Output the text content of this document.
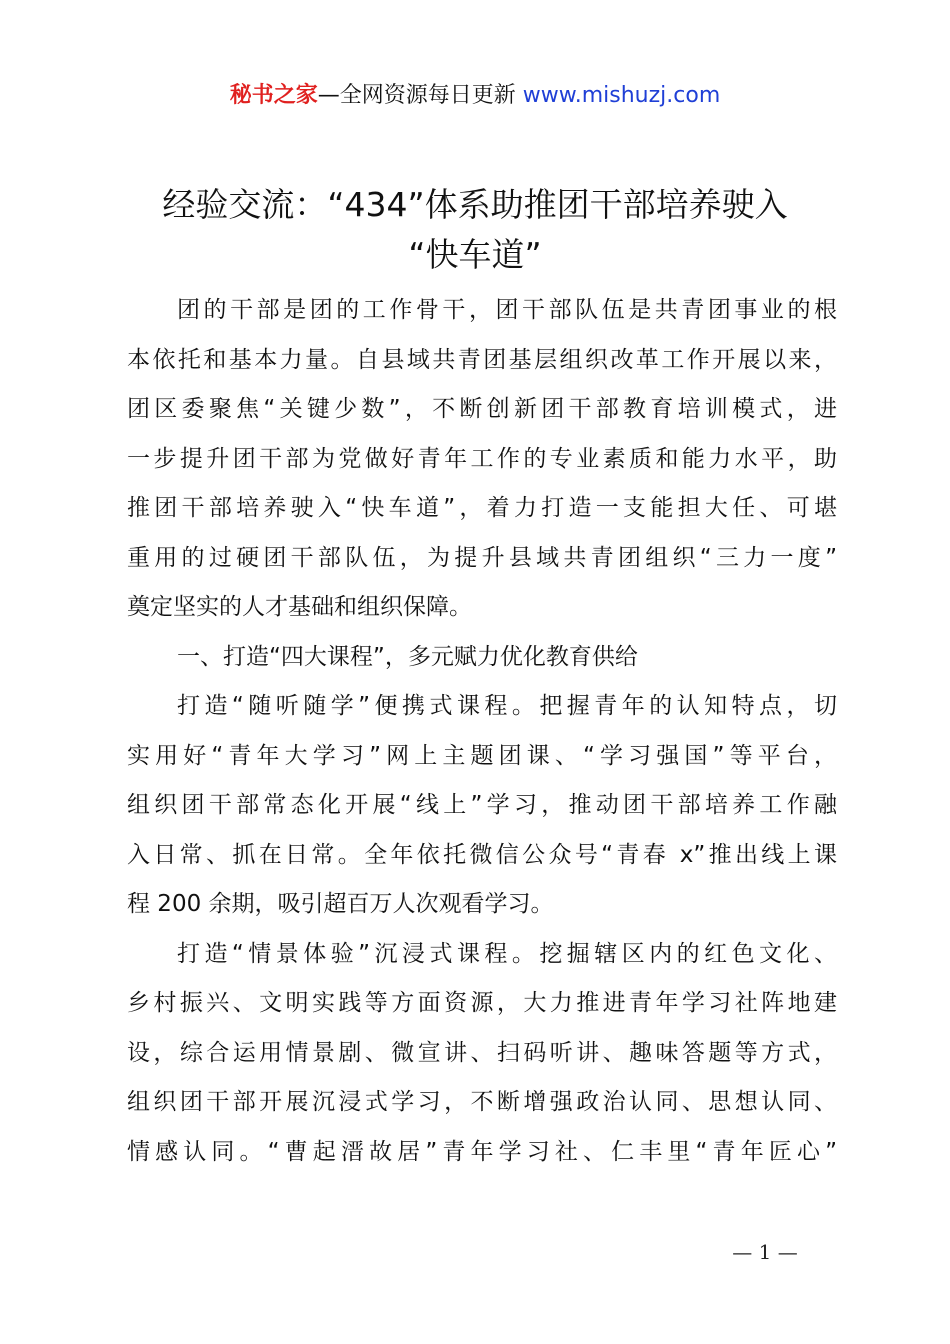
秘书之家—全网资源每日更新 www.mishuzj.com
经验交流：“434”体系助推团干部培养驶入
“快车道”
团的干部是团的工作骨干，团干部队伍是共青团事业的根
本依托和基本力量。自县域共青团基层组织改革工作开展以来，
团区委聚焦“关键少数”，不断创新团干部教育培训模式，进
一步提升团干部为党做好青年工作的专业素质和能力水平，助
推团干部培养驶入“快车道”，着力打造一支能担大任、可堪
重用的过硬团干部队伍，为提升县域共青团组织“三力一度”
奠定坚实的人才基础和组织保障。
一、打造“四大课程”，多元赋力优化教育供给
打造“随听随学”便携式课程。把握青年的认知特点，切
实用好“青年大学习”网上主题团课、“学习强国”等平台，
组织团干部常态化开展“线上”学习，推动团干部培养工作融
入日常、抓在日常。全年依托微信公众号“青春 x”推出线上课
程 200 余期，吸引超百万人次观看学习。
打造“情景体验”沉浸式课程。挖掘辖区内的红色文化、
乡村振兴、文明实践等方面资源，大力推进青年学习社阵地建
设，综合运用情景剧、微宣讲、扫码听讲、趣味答题等方式，
组织团干部开展沉浸式学习，不断增强政治认同、思想认同、
情感认同。“曹起溍故居”青年学习社、仁丰里“青年匠心”
— 1 —
